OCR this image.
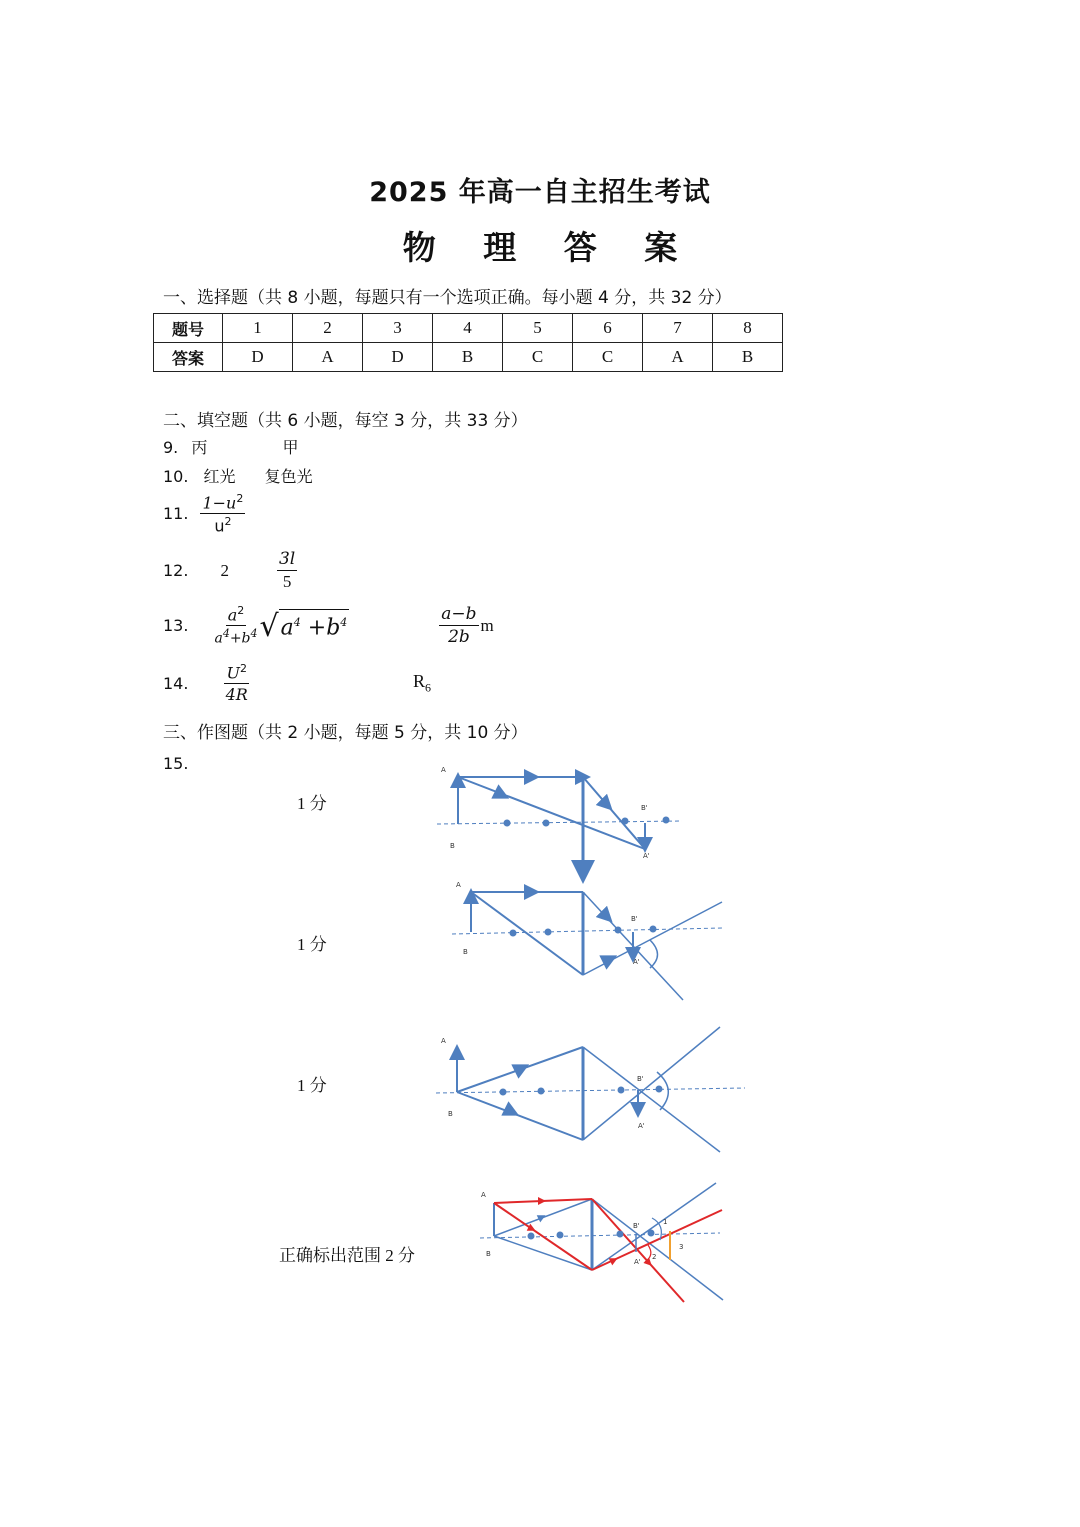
2025 年高一自主招生考试
物 理 答 案
一、选择题（共 8 小题，每题只有一个选项正确。每小题 4 分，共 32 分）
题号	1	2	3	4	5	6	7	8
答案	D	A	D	B	C	C	A	B
二、填空题（共 6 小题，每空 3 分，共 33 分）
9. 丙	甲
10. 红光 复色光
11. $\frac{1-u^2}{u^2}$
12. 2	$\frac{3l}{5}$
13. $\frac{a^2}{a^4+b^4}$ √ $a^4 +b^4$	$\frac{a-b}{2b}$ m
14. $\frac{U^2}{4R}$	$R_6$
三、作图题（共 2 小题，每题 5 分，共 10 分）
15.
1 分
1 分
1 分
正确标出范围 2 分
A
B
B'
A'
A
B
B'
A'
A
B
B'
A'
A
B
B'
A'
1
2
3
